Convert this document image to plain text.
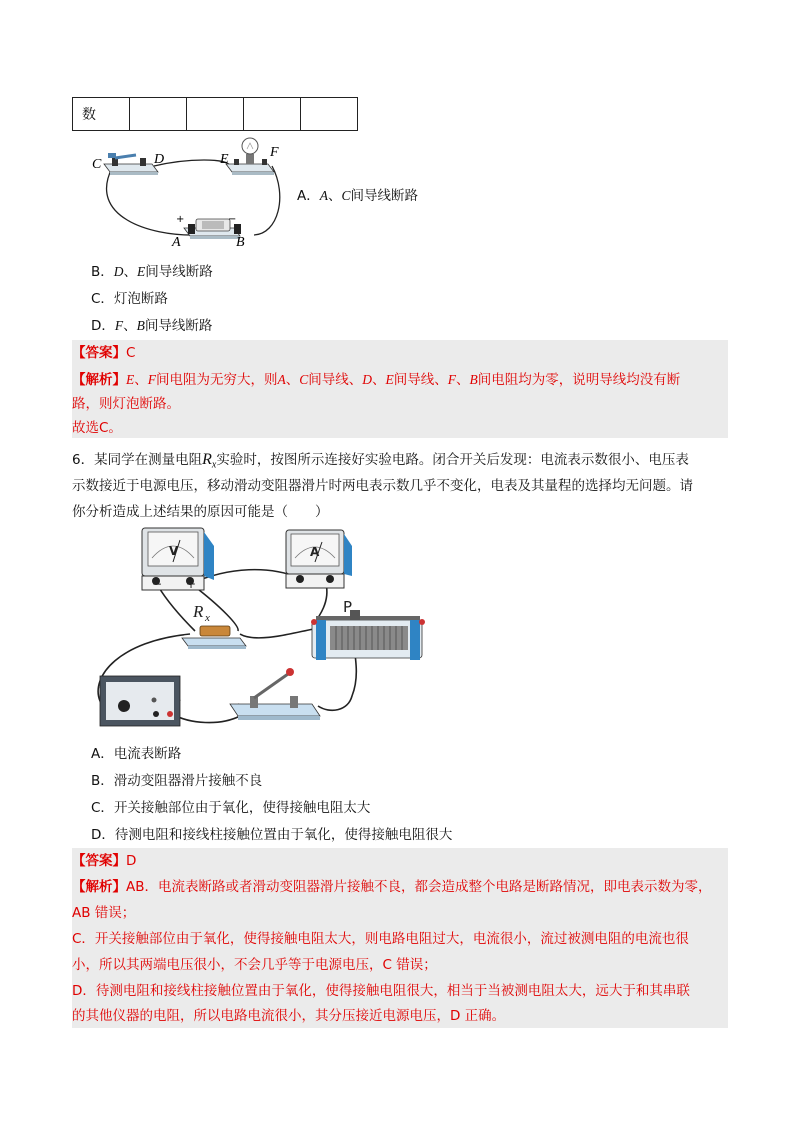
数				
C	D	E	F
A	B
+	−
A．A、C间导线断路
B．D、E间导线断路
C．灯泡断路
D．F、B间导线断路
【答案】C
【解析】E、F间电阻为无穷大，则A、C间导线、D、E间导线、F、B间电阻均为零，说明导线均没有断
路，则灯泡断路。
故选C。
6．某同学在测量电阻$R_x$实验时，按图所示连接好实验电路。闭合开关后发现：电流表示数很小、电压表
示数接近于电源电压，移动滑动变阻器滑片时两电表示数几乎不变化，电表及其量程的选择均无问题。请
你分析造成上述结果的原因可能是（　　）
V
− +
A
R x
P
A．电流表断路
B．滑动变阻器滑片接触不良
C．开关接触部位由于氧化，使得接触电阻太大
D．待测电阻和接线柱接触位置由于氧化，使得接触电阻很大
【答案】D
【解析】AB．电流表断路或者滑动变阻器滑片接触不良，都会造成整个电路是断路情况，即电表示数为零，
AB 错误；
C．开关接触部位由于氧化，使得接触电阻太大，则电路电阻过大，电流很小，流过被测电阻的电流也很
小，所以其两端电压很小，不会几乎等于电源电压，C 错误；
D．待测电阻和接线柱接触位置由于氧化，使得接触电阻很大，相当于当被测电阻太大，远大于和其串联
的其他仪器的电阻，所以电路电流很小，其分压接近电源电压，D 正确。
